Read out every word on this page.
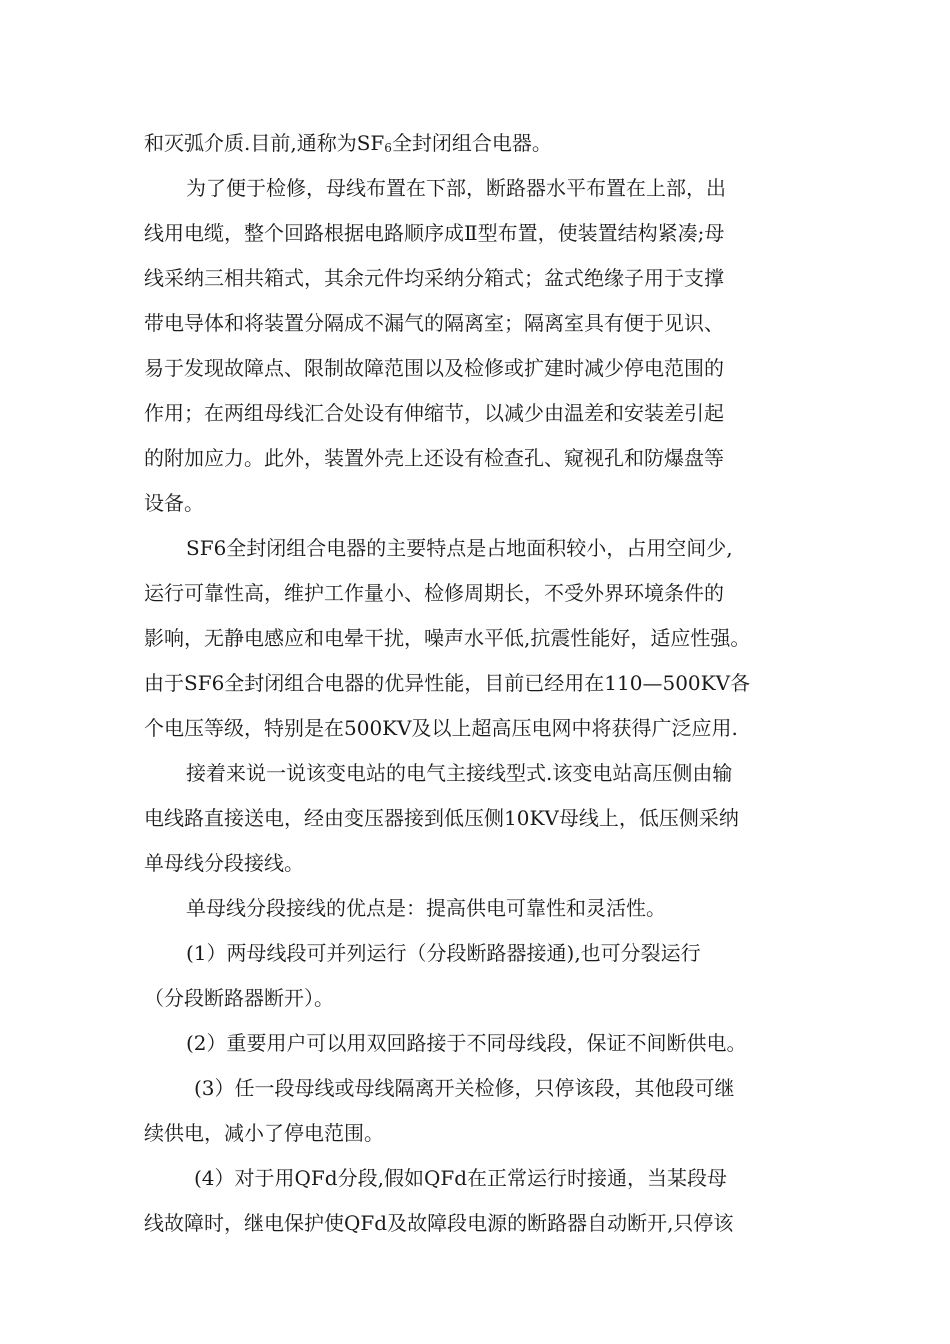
和灭弧介质.目前,通称为$SF_6$全封闭组合电器。
为了便于检修，母线布置在下部，断路器水平布置在上部，出
线用电缆，整个回路根据电路顺序成Ⅱ型布置，使装置结构紧凑;母
线采纳三相共箱式，其余元件均采纳分箱式；盆式绝缘子用于支撑
带电导体和将装置分隔成不漏气的隔离室；隔离室具有便于见识、
易于发现故障点、限制故障范围以及检修或扩建时减少停电范围的
作用；在两组母线汇合处设有伸缩节，以减少由温差和安装差引起
的附加应力。此外，装置外壳上还设有检查孔、窥视孔和防爆盘等
设备。
SF6全封闭组合电器的主要特点是占地面积较小，占用空间少,
运行可靠性高，维护工作量小、检修周期长，不受外界环境条件的
影响，无静电感应和电晕干扰，噪声水平低,抗震性能好，适应性强。
由于SF6全封闭组合电器的优异性能，目前已经用在110—500KV各
个电压等级，特别是在500KV及以上超高压电网中将获得广泛应用.
接着来说一说该变电站的电气主接线型式.该变电站高压侧由输
电线路直接送电，经由变压器接到低压侧10KV母线上，低压侧采纳
单母线分段接线。
单母线分段接线的优点是：提高供电可靠性和灵活性。
(1）两母线段可并列运行（分段断路器接通),也可分裂运行
（分段断路器断开）。
(2）重要用户可以用双回路接于不同母线段，保证不间断供电。
(3）任一段母线或母线隔离开关检修，只停该段，其他段可继
续供电，减小了停电范围。
(4）对于用QFd分段,假如QFd在正常运行时接通，当某段母
线故障时，继电保护使QFd及故障段电源的断路器自动断开,只停该
